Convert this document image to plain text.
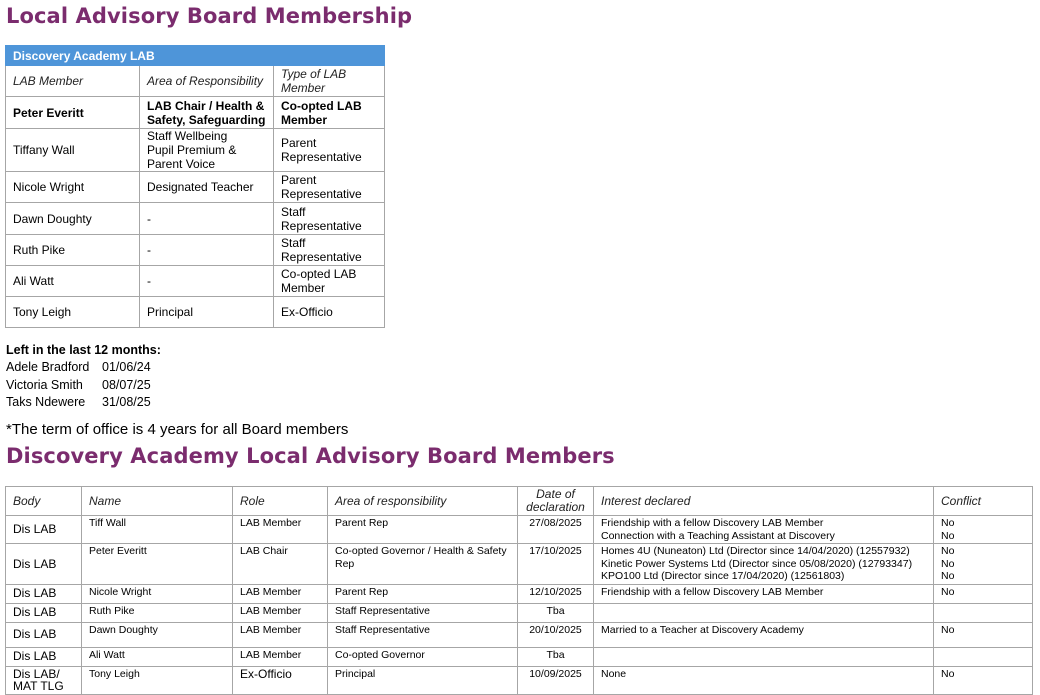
Local Advisory Board Membership
Discovery Academy LAB		
LAB Member	Area of Responsibility	Type of LAB Member
Peter Everitt	LAB Chair / Health & Safety, Safeguarding	Co-opted LAB Member
Tiffany Wall	Staff Wellbeing
Pupil Premium &
Parent Voice	Parent Representative
Nicole Wright	Designated Teacher	Parent Representative
Dawn Doughty	-	Staff Representative
Ruth Pike	-	Staff Representative
Ali Watt	-	Co-opted LAB Member
Tony Leigh	Principal	Ex-Officio
Left in the last 12 months:
Adele Bradford	01/06/24
Victoria Smith	08/07/25
Taks Ndewere	31/08/25
*The term of office is 4 years for all Board members
Discovery Academy Local Advisory Board Members
Body	Name	Role	Area of responsibility	Date of declaration	Interest declared	Conflict
Dis LAB	Tiff Wall	LAB Member	Parent Rep	27/08/2025	Friendship with a fellow Discovery LAB Member
Connection with a Teaching Assistant at Discovery	No
No
Dis LAB	Peter Everitt	LAB Chair	Co-opted Governor / Health & Safety Rep	17/10/2025	Homes 4U (Nuneaton) Ltd (Director since 14/04/2020) (12557932)
Kinetic Power Systems Ltd (Director since 05/08/2020) (12793347)
KPO100 Ltd (Director since 17/04/2020) (12561803)	No
No
No
Dis LAB	Nicole Wright	LAB Member	Parent Rep	12/10/2025	Friendship with a fellow Discovery LAB Member	No
Dis LAB	Ruth Pike	LAB Member	Staff Representative	Tba		
Dis LAB	Dawn Doughty	LAB Member	Staff Representative	20/10/2025	Married to a Teacher at Discovery Academy	No
Dis LAB	Ali Watt	LAB Member	Co-opted Governor	Tba		
Dis LAB/
MAT TLG	Tony Leigh	Ex-Officio	Principal	10/09/2025	None	No
